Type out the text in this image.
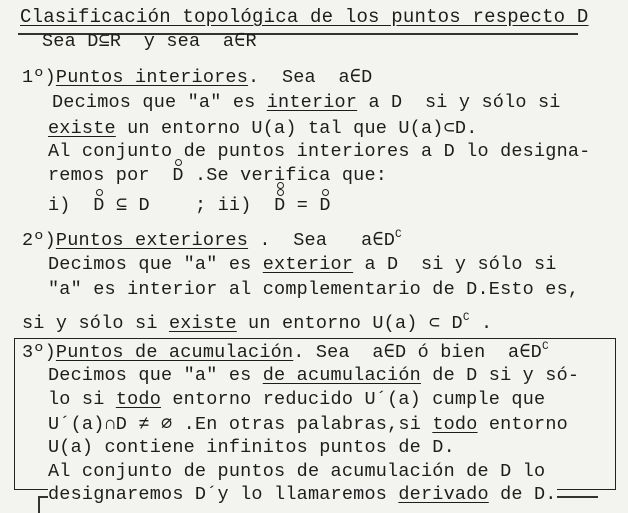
Clasificación topológica de los puntos respecto D
Sea D⊆R  y sea  a∈R
1º)Puntos interiores.  Sea  a∈D
Decimos que "a" es interior a D  si y sólo si
existe un entorno U(a) tal que U(a)⊂D.
Al conjunto de puntos interiores a D lo designa-
remos por  D .Se verifica que:
i)  D ⊆ D    ; ii)  D = D
2º)Puntos exteriores .  Sea   $a\in D^C$
Decimos que "a" es exterior a D  si y sólo si
"a" es interior al complementario de D.Esto es,
si y sólo si existe un entorno U(a) ⊂ $D^C$ .
3º)Puntos de acumulación. Sea  a∈D ó bien  $a\in D^C$
Decimos que "a" es de acumulación de D si y só-
lo si todo entorno reducido U´(a) cumple que
U´(a)∩D ≠ ∅ .En otras palabras,si todo entorno
U(a) contiene infinitos puntos de D.
Al conjunto de puntos de acumulación de D lo
designaremos D´y lo llamaremos derivado de D.
